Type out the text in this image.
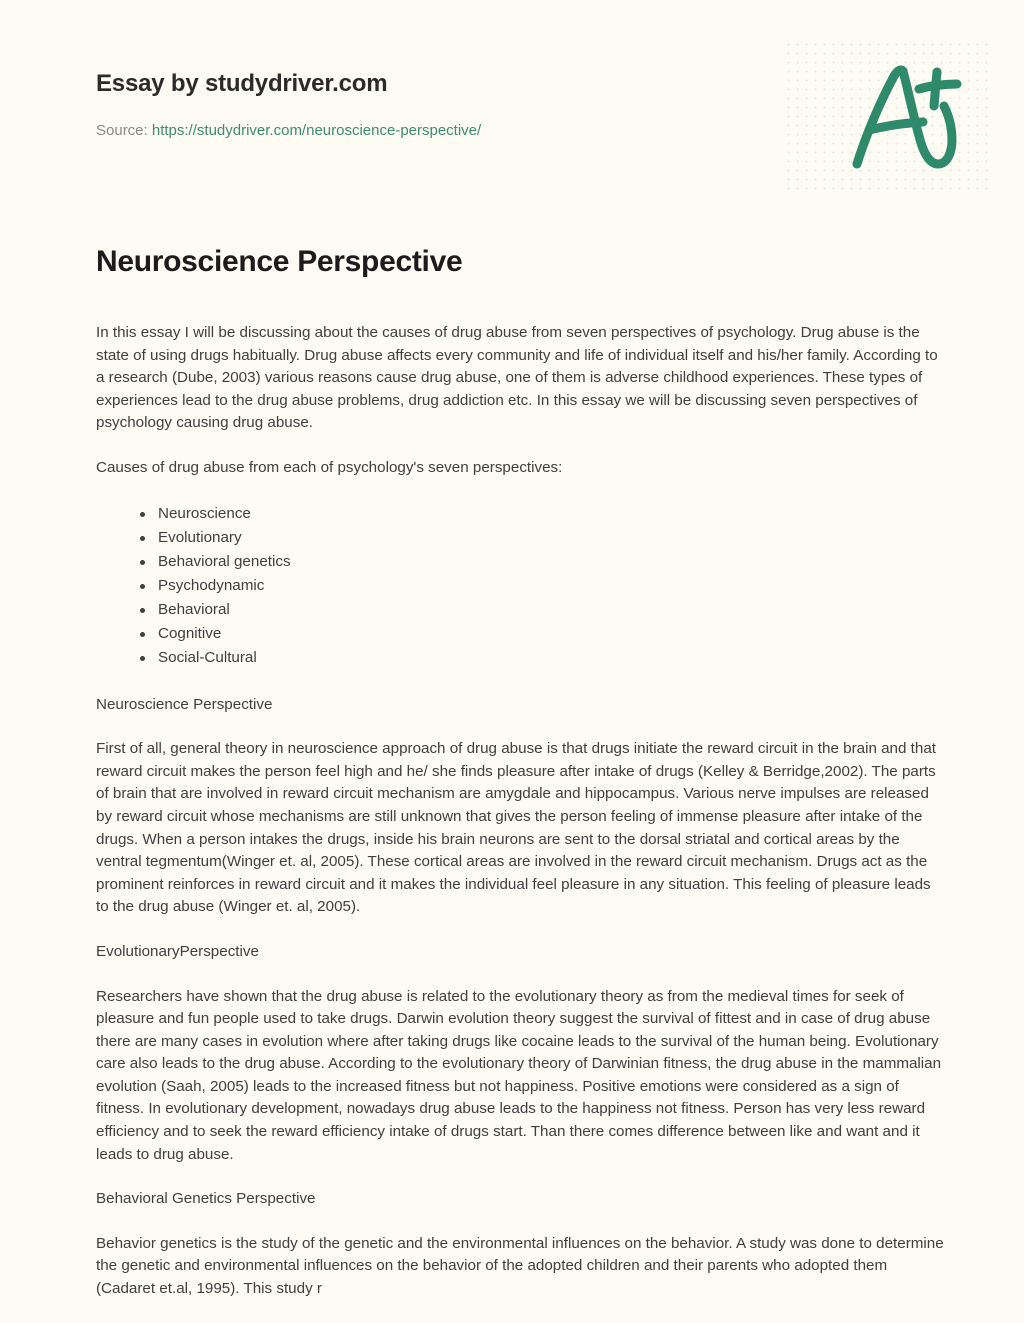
Essay by studydriver.com
Source: https://studydriver.com/neuroscience-perspective/
Neuroscience Perspective

In this essay I will be discussing about the causes of drug abuse from seven perspectives of psychology. Drug abuse is the state of using drugs habitually. Drug abuse affects every community and life of individual itself and his/her family. According to a research (Dube, 2003) various reasons cause drug abuse, one of them is adverse childhood experiences. These types of experiences lead to the drug abuse problems, drug addiction etc. In this essay we will be discussing seven perspectives of psychology causing drug abuse.

Causes of drug abuse from each of psychology's seven perspectives:

Neuroscience
Evolutionary
Behavioral genetics
Psychodynamic
Behavioral
Cognitive
Social-Cultural
Neuroscience Perspective

First of all, general theory in neuroscience approach of drug abuse is that drugs initiate the reward circuit in the brain and that reward circuit makes the person feel high and he/ she finds pleasure after intake of drugs (Kelley & Berridge,2002). The parts of brain that are involved in reward circuit mechanism are amygdale and hippocampus. Various nerve impulses are released by reward circuit whose mechanisms are still unknown that gives the person feeling of immense pleasure after intake of the drugs. When a person intakes the drugs, inside his brain neurons are sent to the dorsal striatal and cortical areas by the ventral tegmentum(Winger et. al, 2005). These cortical areas are involved in the reward circuit mechanism. Drugs act as the prominent reinforces in reward circuit and it makes the individual feel pleasure in any situation. This feeling of pleasure leads to the drug abuse (Winger et. al, 2005).

EvolutionaryPerspective

Researchers have shown that the drug abuse is related to the evolutionary theory as from the medieval times for seek of pleasure and fun people used to take drugs. Darwin evolution theory suggest the survival of fittest and in case of drug abuse there are many cases in evolution where after taking drugs like cocaine leads to the survival of the human being. Evolutionary care also leads to the drug abuse. According to the evolutionary theory of Darwinian fitness, the drug abuse in the mammalian evolution (Saah, 2005) leads to the increased fitness but not happiness. Positive emotions were considered as a sign of fitness. In evolutionary development, nowadays drug abuse leads to the happiness not fitness. Person has very less reward efficiency and to seek the reward efficiency intake of drugs start. Than there comes difference between like and want and it leads to drug abuse.

Behavioral Genetics Perspective

Behavior genetics is the study of the genetic and the environmental influences on the behavior. A study was done to determine the genetic and environmental influences on the behavior of the adopted children and their parents who adopted them (Cadaret et.al, 1995). This study r
